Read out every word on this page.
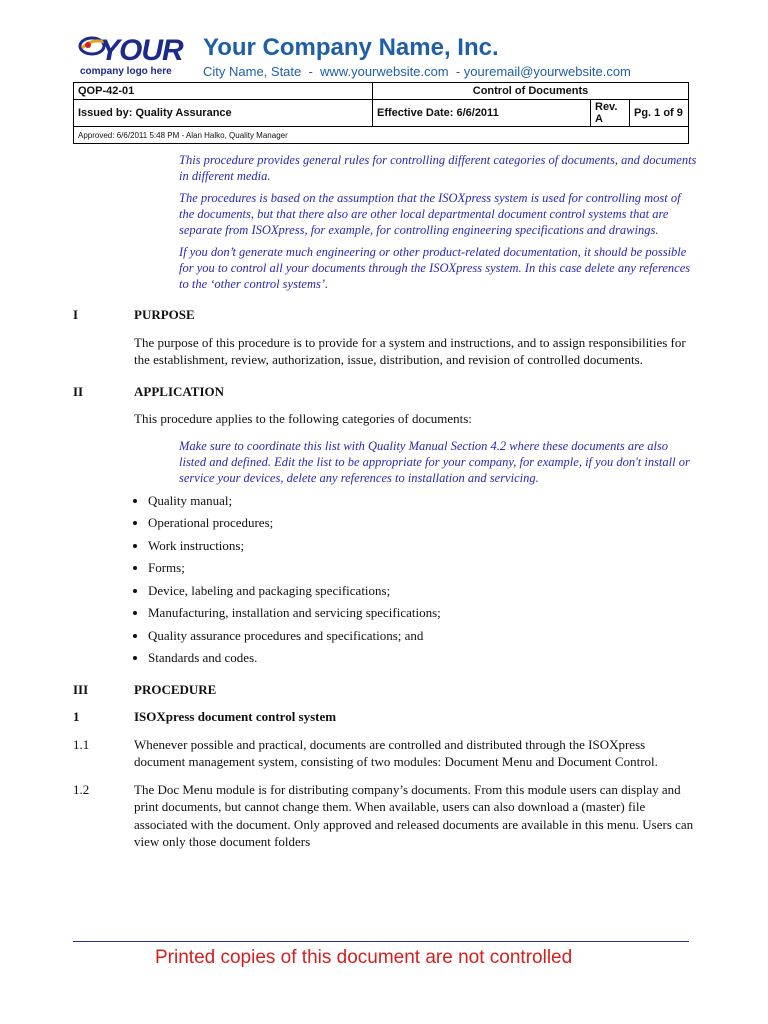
YOUR
company logo here
Your Company Name, Inc.
City Name, State  -  www.yourwebsite.com  - youremail@yourwebsite.com
QOP-42-01	Control of Documents		
Issued by: Quality Assurance	Effective Date: 6/6/2011	Rev. A	Pg. 1 of 9
Approved: 6/6/2011 5:48 PM - Alan Halko, Quality Manager			
This procedure provides general rules for controlling different categories of documents, and documents in different media.
The procedures is based on the assumption that the ISOXpress system is used for controlling most of the documents, but that there also are other local departmental document control systems that are separate from ISOXpress, for example, for controlling engineering specifications and drawings.
If you don’t generate much engineering or other product-related documentation, it should be possible for you to control all your documents through the ISOXpress system. In this case delete any references to the ‘other control systems’.
I	PURPOSE
The purpose of this procedure is to provide for a system and instructions, and to assign responsibilities for the establishment, review, authorization, issue, distribution, and revision of controlled documents.
II	APPLICATION
This procedure applies to the following categories of documents:
Make sure to coordinate this list with Quality Manual Section 4.2 where these documents are also listed and defined. Edit the list to be appropriate for your company, for example, if you don't install or service your devices, delete any references to installation and servicing.
• Quality manual;
• Operational procedures;
• Work instructions;
• Forms;
• Device, labeling and packaging specifications;
• Manufacturing, installation and servicing specifications;
• Quality assurance procedures and specifications; and
• Standards and codes.
III	PROCEDURE
1	ISOXpress document control system
1.1	Whenever possible and practical, documents are controlled and distributed through the ISOXpress document management system, consisting of two modules: Document Menu and Document Control.
1.2	The Doc Menu module is for distributing company’s documents. From this module users can display and print documents, but cannot change them. When available, users can also download a (master) file associated with the document. Only approved and released documents are available in this menu. Users can view only those document folders
Printed copies of this document are not controlled
